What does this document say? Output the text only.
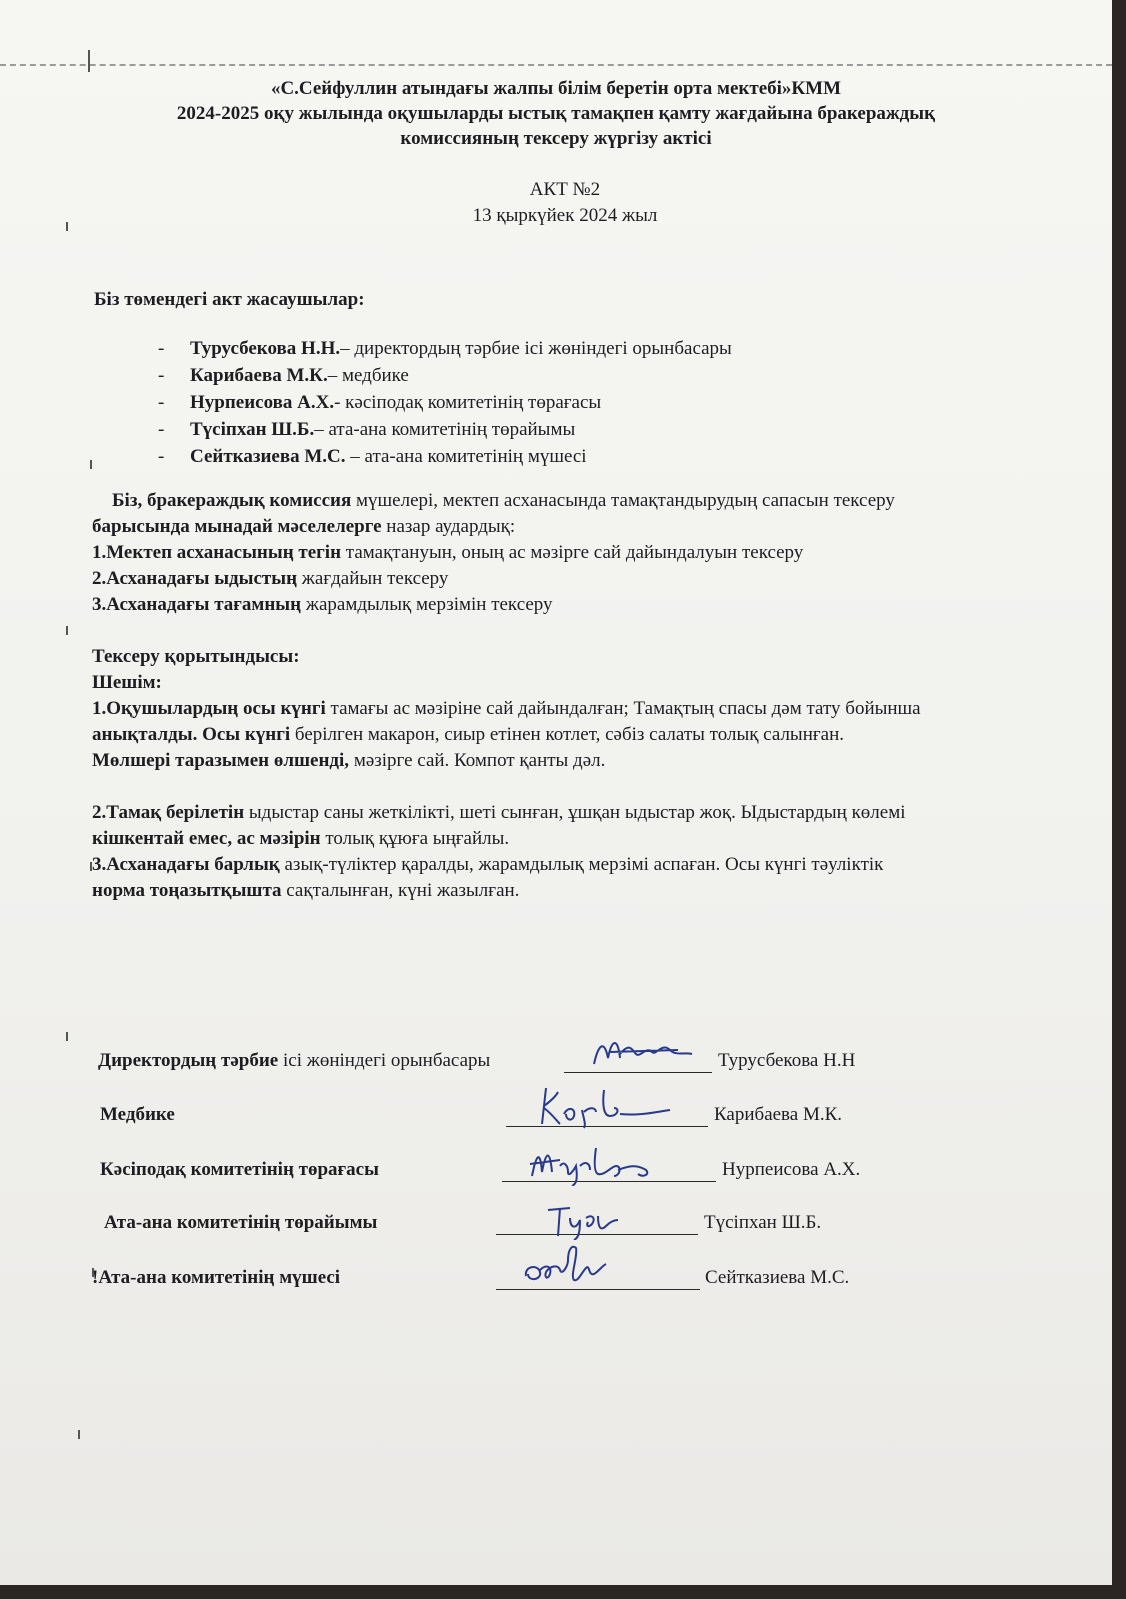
«С.Сейфуллин атындағы жалпы білім беретін орта мектебі»КММ
2024-2025 оқу жылында оқушыларды ыстық тамақпен қамту жағдайына бракераждық
комиссияның тексеру жүргізу актісі
АКТ №2
13 қыркүйек 2024 жыл
Біз төмендегі акт жасаушылар:
- Турусбекова Н.Н.– директордың тәрбие ісі жөніндегі орынбасары
- Карибаева М.К.– медбике
- Нурпеисова А.Х.- кәсіподақ комитетінің төрағасы
- Түсіпхан Ш.Б.– ата-ана комитетінің төрайымы
- Сейтказиева М.С. – ата-ана комитетінің мүшесі

Біз, бракераждық комиссия мүшелері, мектеп асханасында тамақтандырудың сапасын тексеру

барысында мынадай мәселелерге назар аудардық:

1.Мектеп асханасының тегін тамақтануын, оның ас мәзірге сай дайындалуын тексеру

2.Асханадағы ыдыстың жағдайын тексеру

3.Асханадағы тағамның жарамдылық мерзімін тексеру

Тексеру қорытындысы:

Шешім:

1.Оқушылардың осы күнгі тамағы ас мәзіріне сай дайындалған; Тамақтың спасы дәм тату бойынша

анықталды. Осы күнгі берілген макарон, сиыр етінен котлет, сәбіз салаты толық салынған.

Мөлшері таразымен өлшенді, мәзірге сай. Компот қанты дәл.

2.Тамақ берілетін ыдыстар саны жеткілікті, шеті сынған, ұшқан ыдыстар жоқ. Ыдыстардың көлемі

кішкентай емес, ас мәзірін толық құюға ыңғайлы.

3.Асханадағы барлық азық-түліктер қаралды, жарамдылық мерзімі аспаған. Осы күнгі тәуліктік

норма тоңазытқышта сақталынған, күні жазылған.

Директордың тәрбие ісі жөніндегі орынбасары	Турусбекова Н.Н
Медбике	Карибаева М.К.
Кәсіподақ комитетінің төрағасы	Нурпеисова А.Х.
Ата-ана комитетінің төрайымы	Түсіпхан Ш.Б.
!Ата-ана комитетінің мүшесі	Сейтказиева М.С.
